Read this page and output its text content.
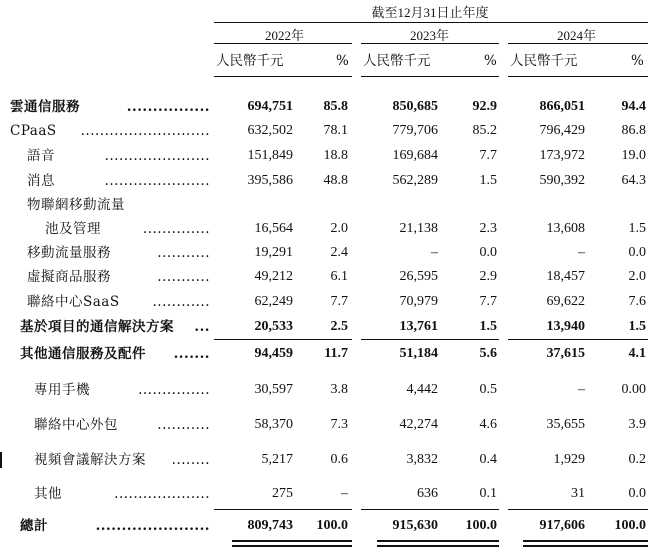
截至12月31日止年度
2022年	2023年	2024年
人民幣千元	% 人民幣千元	% 人民幣千元	%
雲通信服務	................	694,751	85.8	850,685	92.9	866,051	94.4
CPaaS ...........................	632,502	78.1	779,706	85.2	796,429	86.8
語音	......................	151,849	18.8	169,684	7.7	173,972	19.0
消息	......................	395,586	48.8	562,289	1.5	590,392	64.3
物聯網移動流量
池及管理	..............	16,564	2.0	21,138	2.3	13,608	1.5
移動流量服務	...........	19,291	2.4	–	0.0	–	0.0
虛擬商品服務	...........	49,212	6.1	26,595	2.9	18,457	2.0
聯絡中心SaaS ............	62,249	7.7	70,979	7.7	69,622	7.6
基於項目的通信解決方案 ...	20,533	2.5	13,761	1.5	13,940	1.5
其他通信服務及配件 .......	94,459	11.7	51,184	5.6	37,615	4.1
專用手機	...............	30,597	3.8	4,442	0.5	–	0.00
聯絡中心外包	...........	58,370	7.3	42,274	4.6	35,655	3.9
視頻會議解決方案 ........	5,217	0.6	3,832	0.4	1,929	0.2
其他	....................	275	–	636	0.1	31	0.0
總計	......................	809,743	100.0	915,630	100.0	917,606	100.0
